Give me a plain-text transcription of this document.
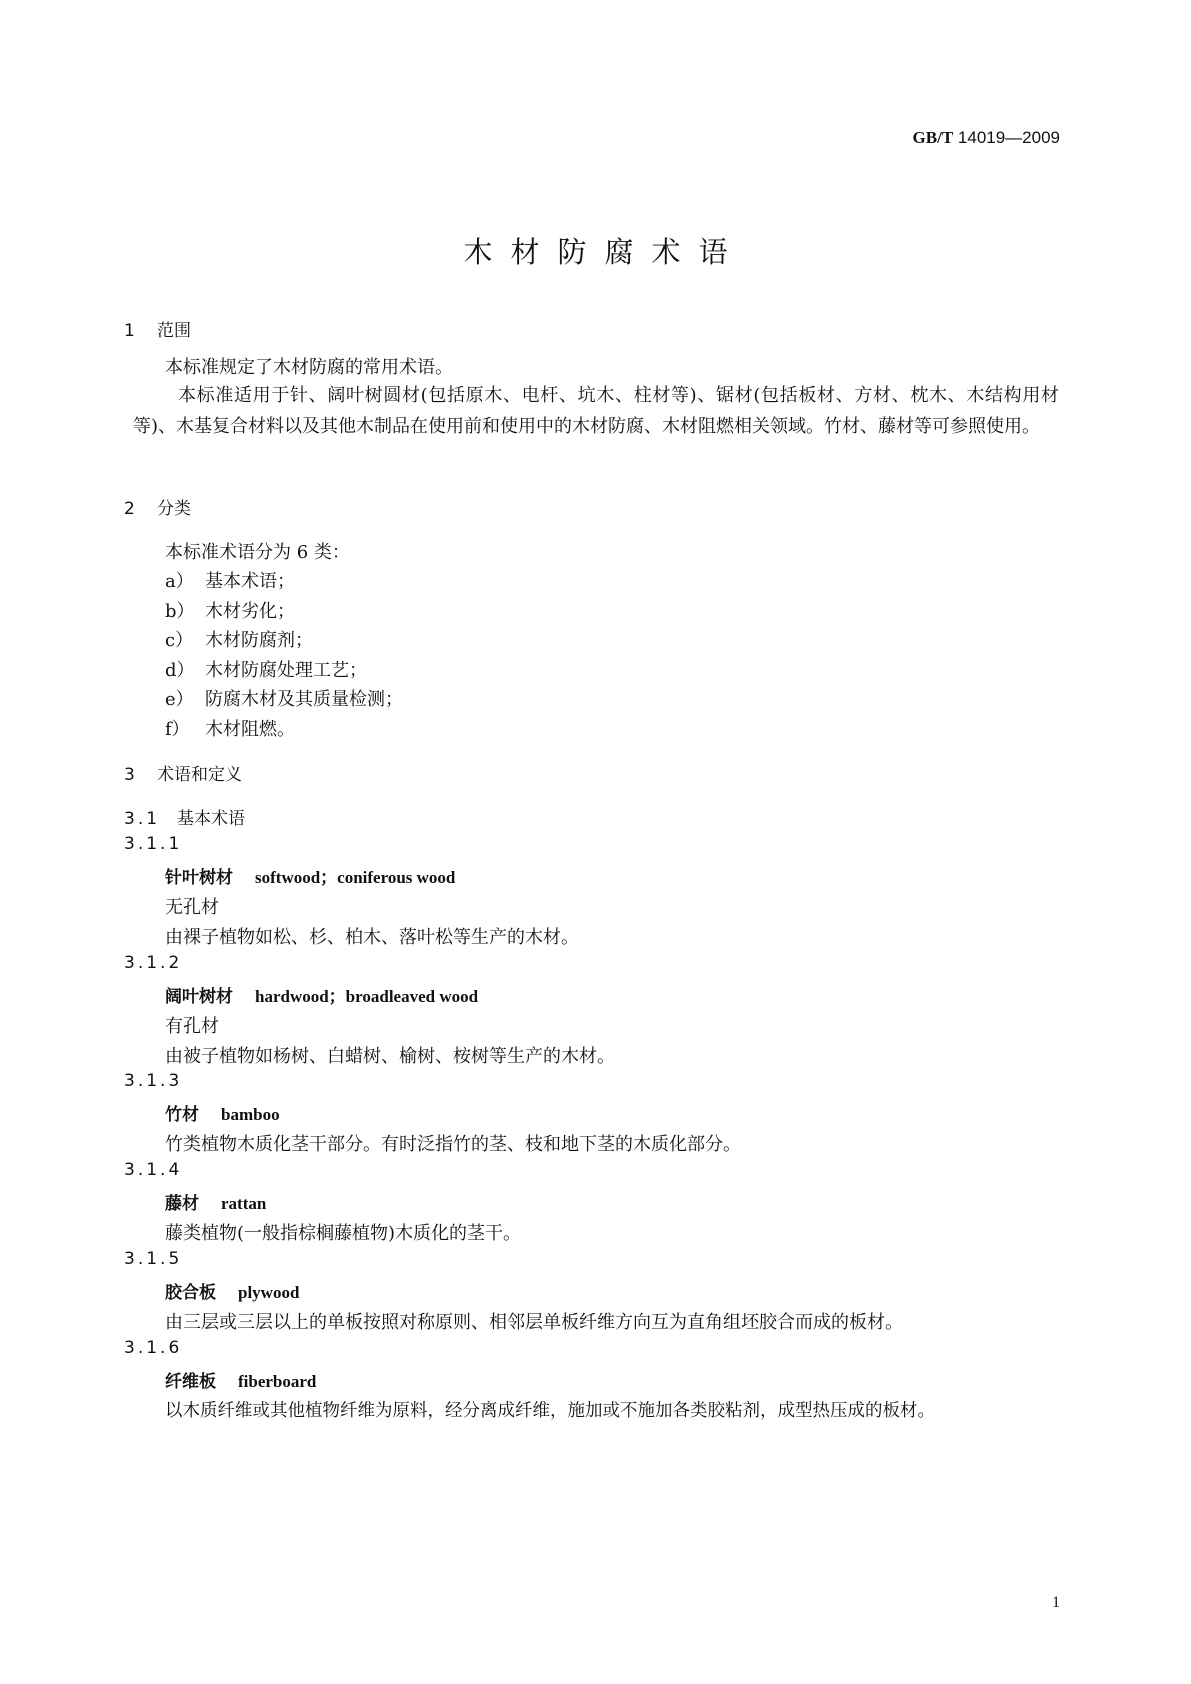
GB/T 14019—2009
木材防腐术语
1 范围
本标准规定了木材防腐的常用术语。
本标准适用于针、阔叶树圆材(包括原木、电杆、坑木、柱材等)、锯材(包括板材、方材、枕木、木结构用材等)、木基复合材料以及其他木制品在使用前和使用中的木材防腐、木材阻燃相关领域。竹材、藤材等可参照使用。
2 分类
本标准术语分为 6 类：
a） 基本术语；
b） 木材劣化；
c） 木材防腐剂；
d） 木材防腐处理工艺；
e） 防腐木材及其质量检测；
f） 木材阻燃。
3 术语和定义
3.1 基本术语
3.1.1
针叶树材 softwood；coniferous wood
无孔材
由裸子植物如松、杉、柏木、落叶松等生产的木材。
3.1.2
阔叶树材 hardwood；broadleaved wood
有孔材
由被子植物如杨树、白蜡树、榆树、桉树等生产的木材。
3.1.3
竹材 bamboo
竹类植物木质化茎干部分。有时泛指竹的茎、枝和地下茎的木质化部分。
3.1.4
藤材 rattan
藤类植物(一般指棕榈藤植物)木质化的茎干。
3.1.5
胶合板 plywood
由三层或三层以上的单板按照对称原则、相邻层单板纤维方向互为直角组坯胶合而成的板材。
3.1.6
纤维板 fiberboard
以木质纤维或其他植物纤维为原料，经分离成纤维，施加或不施加各类胶粘剂，成型热压成的板材。
1
